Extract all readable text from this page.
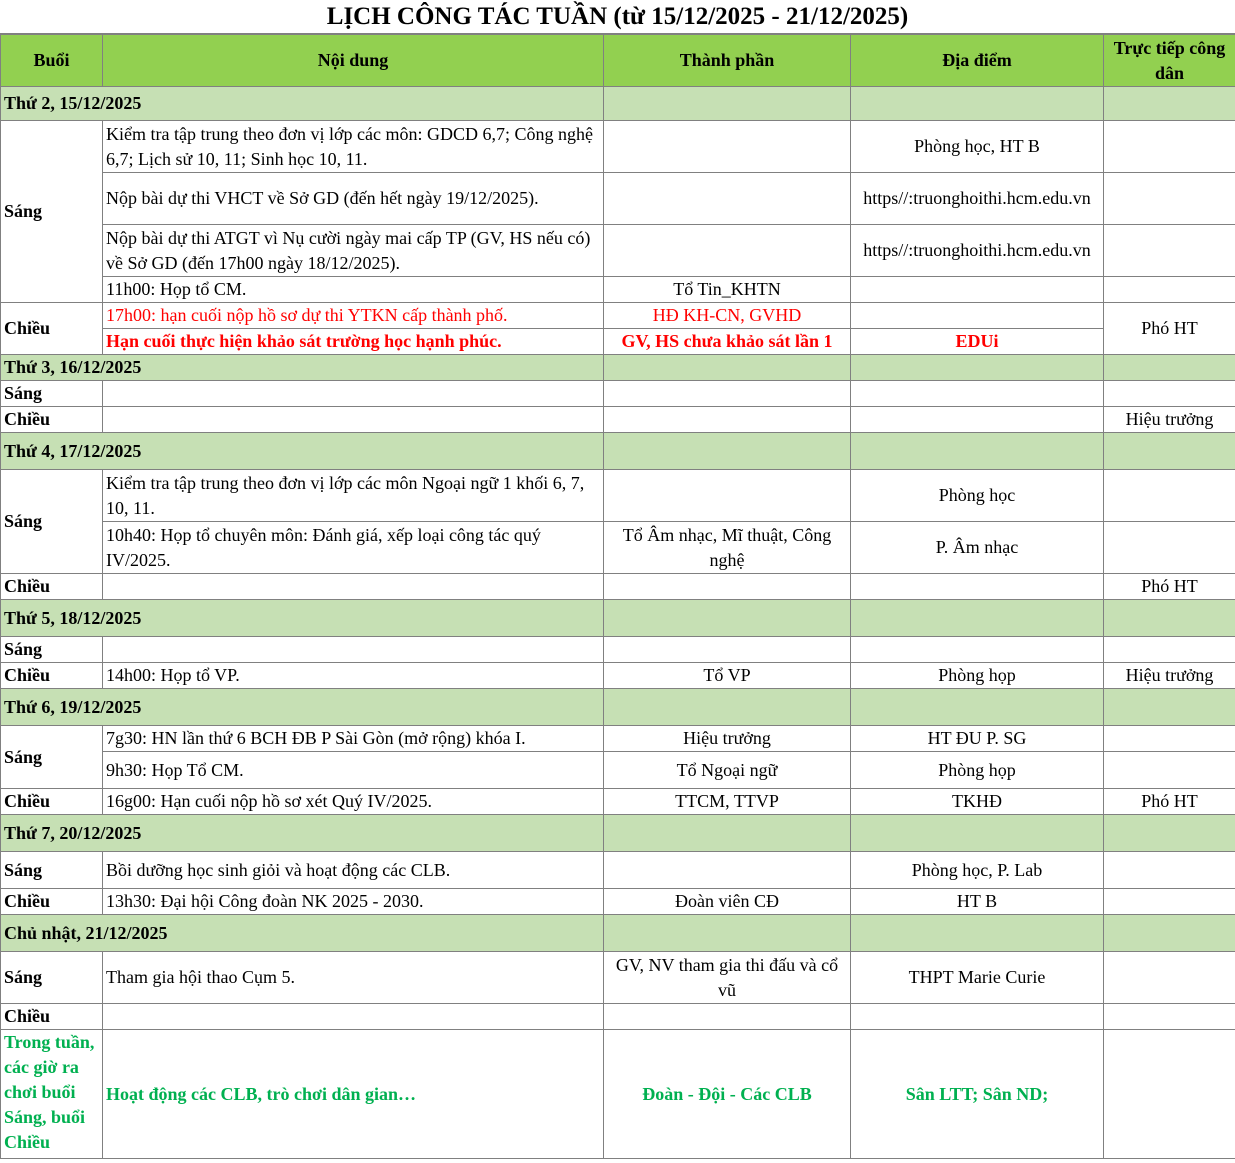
LỊCH CÔNG TÁC TUẦN (từ 15/12/2025 - 21/12/2025)
Buổi	Nội dung	Thành phần	Địa điểm	Trực tiếp công dân
Thứ 2, 15/12/2025				
Sáng	Kiểm tra tập trung theo đơn vị lớp các môn: GDCD 6,7; Công nghệ 6,7; Lịch sử 10, 11; Sinh học 10, 11.		Phòng học, HT B	
	Nộp bài dự thi VHCT về Sở GD (đến hết ngày 19/12/2025).		https//:truonghoithi.hcm.edu.vn	
	Nộp bài dự thi ATGT vì Nụ cười ngày mai cấp TP (GV, HS nếu có) về Sở GD (đến 17h00 ngày 18/12/2025).		https//:truonghoithi.hcm.edu.vn	
	11h00: Họp tổ CM.	Tổ Tin_KHTN		
Chiều	17h00: hạn cuối nộp hồ sơ dự thi YTKN cấp thành phố.	HĐ KH-CN, GVHD		Phó HT
	Hạn cuối thực hiện khảo sát trường học hạnh phúc.	GV, HS chưa khảo sát lần 1	EDUi	
Thứ 3, 16/12/2025				
Sáng				
Chiều				Hiệu trưởng
Thứ 4, 17/12/2025				
Sáng	Kiểm tra tập trung theo đơn vị lớp các môn Ngoại ngữ 1 khối 6, 7, 10, 11.		Phòng học	
	10h40: Họp tổ chuyên môn: Đánh giá, xếp loại công tác quý IV/2025.	Tổ Âm nhạc, Mĩ thuật, Công nghệ	P. Âm nhạc	
Chiều				Phó HT
Thứ 5, 18/12/2025				
Sáng				
Chiều	14h00: Họp tổ VP.	Tổ VP	Phòng họp	Hiệu trưởng
Thứ 6, 19/12/2025				
Sáng	7g30: HN lần thứ 6 BCH ĐB P Sài Gòn (mở rộng) khóa I.	Hiệu trưởng	HT ĐU P. SG	
	9h30: Họp Tổ CM.	Tổ Ngoại ngữ	Phòng họp	
Chiều	16g00: Hạn cuối nộp hồ sơ xét Quý IV/2025.	TTCM, TTVP	TKHĐ	Phó HT
Thứ 7, 20/12/2025				
Sáng	Bồi dưỡng học sinh giỏi và hoạt động các CLB.		Phòng học, P. Lab	
Chiều	13h30: Đại hội Công đoàn NK 2025 - 2030.	Đoàn viên CĐ	HT B	
Chủ nhật, 21/12/2025				
Sáng	Tham gia hội thao Cụm 5.	GV, NV tham gia thi đấu và cổ vũ	THPT Marie Curie	
Chiều				
Trong tuần, các giờ ra chơi buổi Sáng, buổi Chiều	Hoạt động các CLB, trò chơi dân gian…	Đoàn - Đội - Các CLB	Sân LTT; Sân ND;	
